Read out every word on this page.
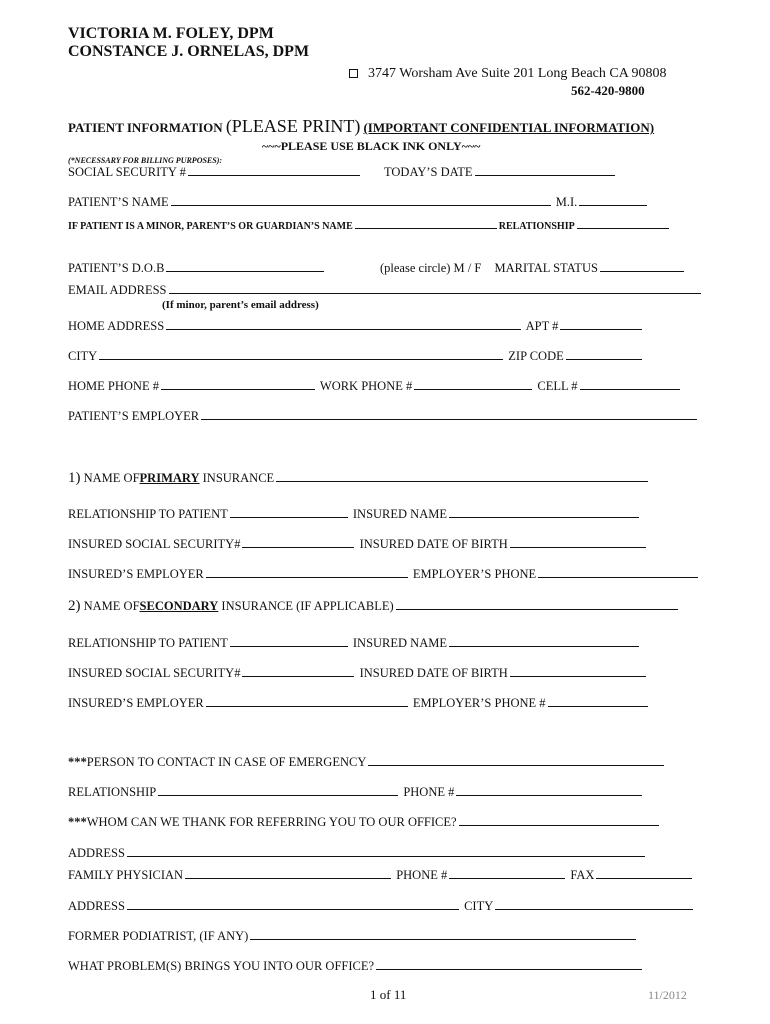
VICTORIA M. FOLEY, DPM
CONSTANCE J. ORNELAS, DPM
3747 Worsham Ave Suite 201 Long Beach CA 90808
562-420-9800
PATIENT INFORMATION (PLEASE PRINT) (IMPORTANT CONFIDENTIAL INFORMATION)
~~~PLEASE USE BLACK INK ONLY~~~
(*NECESSARY FOR BILLING PURPOSES):
SOCIAL SECURITY #	TODAY’S DATE
PATIENT’S NAME	M.I.
IF PATIENT IS A MINOR, PARENT’S OR GUARDIAN’S NAME	RELATIONSHIP
PATIENT’S D.O.B	(please circle) M / F MARITAL STATUS
EMAIL ADDRESS
(If minor, parent’s email address)
HOME ADDRESS	APT #
CITY	ZIP CODE
HOME PHONE #	WORK PHONE #	CELL #
PATIENT’S EMPLOYER
1) NAME OFPRIMARY INSURANCE
RELATIONSHIP TO PATIENT	INSURED NAME
INSURED SOCIAL SECURITY#	INSURED DATE OF BIRTH
INSURED’S EMPLOYER	EMPLOYER’S PHONE
2) NAME OFSECONDARY INSURANCE (IF APPLICABLE)
RELATIONSHIP TO PATIENT	INSURED NAME
INSURED SOCIAL SECURITY#	INSURED DATE OF BIRTH
INSURED’S EMPLOYER	EMPLOYER’S PHONE #
***PERSON TO CONTACT IN CASE OF EMERGENCY
RELATIONSHIP	PHONE #
***WHOM CAN WE THANK FOR REFERRING YOU TO OUR OFFICE?
ADDRESS
FAMILY PHYSICIAN	PHONE #	FAX
ADDRESS	CITY
FORMER PODIATRIST, (IF ANY)
WHAT PROBLEM(S) BRINGS YOU INTO OUR OFFICE?
1 of 11	11/2012
